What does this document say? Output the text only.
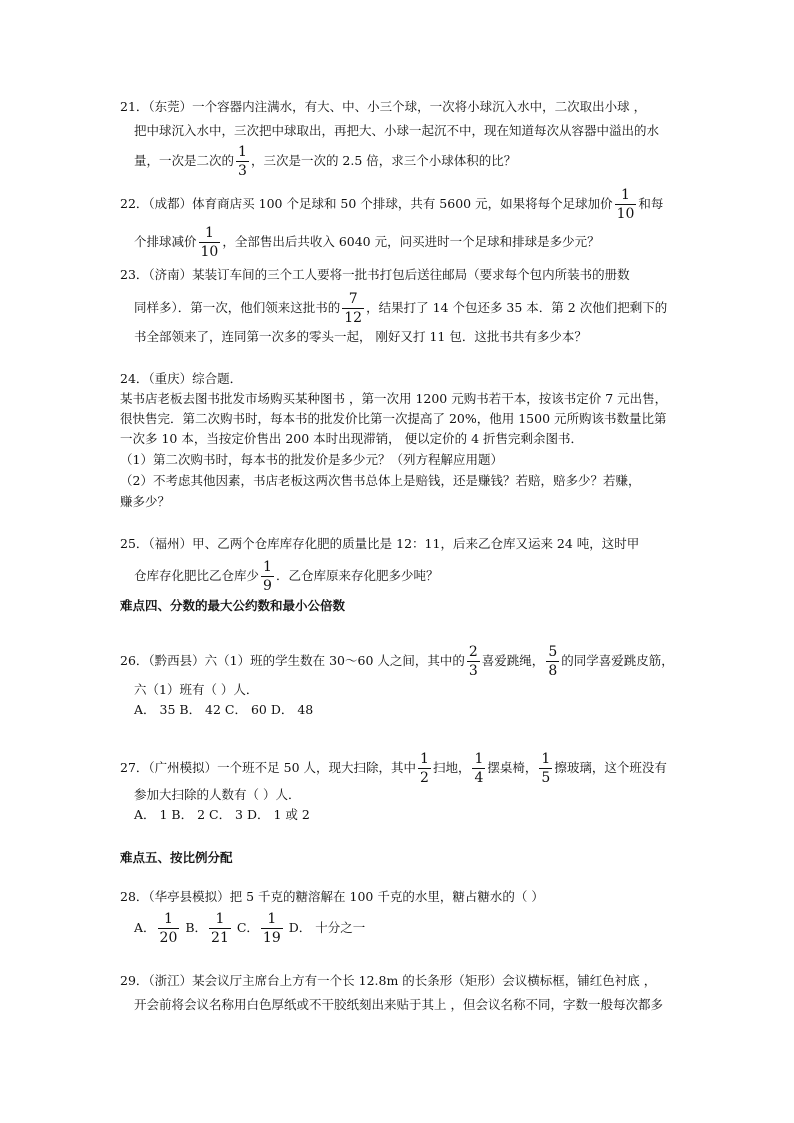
21．（东莞）一个容器内注满水，有大、中、小三个球，一次将小球沉入水中，二次取出小球 ，
把中球沉入水中，三次把中球取出，再把大、小球一起沉不中，现在知道每次从容器中溢出的水
量，一次是二次的 $\frac{1}{3}$ ，三次是一次的 2.5 倍，求三个小球体积的比？
22．（成都）体育商店买 100 个足球和 50 个排球，共有 5600 元，如果将每个足球加价 $\frac{1}{10}$ 和每
个排球减价 $\frac{1}{10}$ ，全部售出后共收入 6040 元，问买进时一个足球和排球是多少元？
23．（济南）某装订车间的三个工人要将一批书打包后送往邮局（要求每个包内所装书的册数
同样多）．第一次，他们领来这批书的 $\frac{7}{12}$ ，结果打了 14 个包还多 35 本．第 2 次他们把剩下的
书全部领来了，连同第一次多的零头一起， 刚好又打 11 包．这批书共有多少本？
24．（重庆）综合题．
某书店老板去图书批发市场购买某种图书 ，第一次用 1200 元购书若干本，按该书定价 7 元出售，
很快售完．第二次购书时，每本书的批发价比第一次提高了 20%，他用 1500 元所购该书数量比第
一次多 10 本，当按定价售出 200 本时出现滞销， 便以定价的 4 折售完剩余图书．
（1）第二次购书时，每本书的批发价是多少元？（列方程解应用题）
（2）不考虑其他因素，书店老板这两次售书总体上是赔钱，还是赚钱？若赔，赔多少？若赚，
赚多少？
25．（福州）甲、乙两个仓库库存化肥的质量比是 12：11，后来乙仓库又运来 24 吨，这时甲
仓库存化肥比乙仓库少 $\frac{1}{9}$ ．乙仓库原来存化肥多少吨？
难点四、分数的最大公约数和最小公倍数
26．（黔西县）六（1）班的学生数在 30～60 人之间，其中的 $\frac{2}{3}$ 喜爱跳绳， $\frac{5}{8}$ 的同学喜爱跳皮筋，
六（1）班有（ ）人．
A． 35 B． 42 C． 60 D． 48
27．（广州模拟）一个班不足 50 人，现大扫除，其中 $\frac{1}{2}$ 扫地， $\frac{1}{4}$ 摆桌椅， $\frac{1}{5}$ 擦玻璃，这个班没有
参加大扫除的人数有（ ）人．
A． 1 B． 2 C． 3 D． 1 或 2
难点五、按比例分配
28．（华亭县模拟）把 5 千克的糖溶解在 100 千克的水里，糖占糖水的（ ）
A． $\frac{1}{20}$ B． $\frac{1}{21}$ C． $\frac{1}{19}$ D． 十分之一
29．（浙江）某会议厅主席台上方有一个长 12.8m 的长条形（矩形）会议横标框，铺红色衬底 ，
开会前将会议名称用白色厚纸或不干胶纸刻出来贴于其上 ，但会议名称不同，字数一般每次都多
